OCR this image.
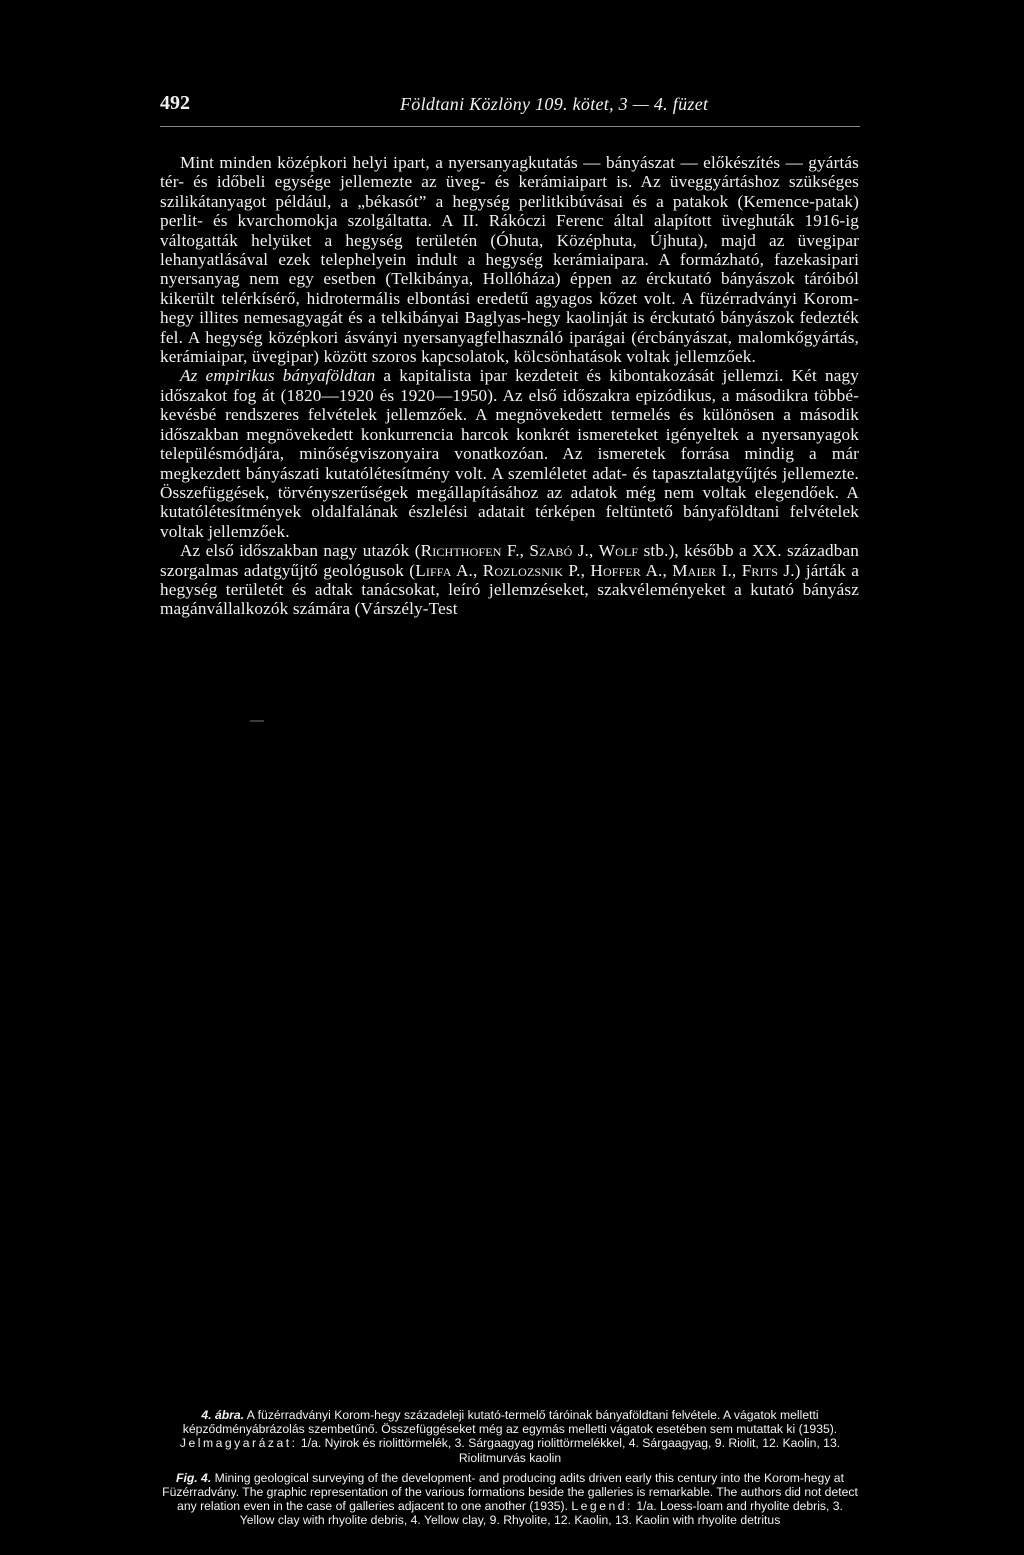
492	Földtani Közlöny 109. kötet, 3 — 4. füzet

Mint minden középkori helyi ipart, a nyersanyagkutatás — bányászat — előkészítés — gyártás tér- és időbeli egysége jellemezte az üveg- és kerámiaipart is. Az üveggyártáshoz szükséges szilikátanyagot például, a „békasót” a hegység perlitkibúvásai és a patakok (Kemence-patak) perlit- és kvarchomokja szolgáltatta. A II. Rákóczi Ferenc által alapított üveghuták 1916-ig váltogatták helyüket a hegység területén (Óhuta, Középhuta, Újhuta), majd az üvegipar lehanyatlásával ezek telephelyein indult a hegység kerámiaipara. A formázható, fazekasipari nyersanyag nem egy esetben (Telkibánya, Hollóháza) éppen az érckutató bányászok táróiból kikerült telérkísérő, hidrotermális elbontási eredetű agyagos kőzet volt. A füzérradványi Korom-hegy illites nemesagyagát és a telkibányai Baglyas-hegy kaolinját is érckutató bányászok fedezték fel. A hegység középkori ásványi nyersanyagfelhasználó iparágai (ércbányászat, malomkőgyártás, kerámiaipar, üvegipar) között szoros kapcsolatok, kölcsönhatások voltak jellemzőek.

Az empirikus bányaföldtan a kapitalista ipar kezdeteit és kibontakozását jellemzi. Két nagy időszakot fog át (1820—1920 és 1920—1950). Az első időszakra epizódikus, a másodikra többé-kevésbé rendszeres felvételek jellemzőek. A megnövekedett termelés és különösen a második időszakban megnövekedett konkurrencia harcok konkrét ismereteket igényeltek a nyersanyagok településmódjára, minőségviszonyaira vonatkozóan. Az ismeretek forrása mindig a már megkezdett bányászati kutatólétesítmény volt. A szemléletet adat- és tapasztalatgyűjtés jellemezte. Összefüggések, törvényszerűségek megállapításához az adatok még nem voltak elegendőek. A kutatólétesítmények oldalfalának észlelési adatait térképen feltüntető bányaföldtani felvételek voltak jellemzőek.

Az első időszakban nagy utazók (Richthofen F., Szabó J., Wolf stb.), később a XX. században szorgalmas adatgyűjtő geológusok (Liffa A., Rozlozsnik P., Hoffer A., Maier I., Frits J.) járták a hegység területét és adtak tanácsokat, leíró jellemzéseket, szakvéleményeket a kutató bányász magánvállalkozók számára (Várszély-Test

4. ábra. A füzérradványi Korom-hegy századeleji kutató-termelő táróinak bányaföldtani felvétele. A vágatok melletti képződményábrázolás szembetűnő. Összefüggéseket még az egymás melletti vágatok esetében sem mutattak ki (1935). Jelmagyarázat: 1/a. Nyirok és riolittörmelék, 3. Sárgaagyag riolittörmelékkel, 4. Sárgaagyag, 9. Riolit, 12. Kaolin, 13. Riolitmurvás kaolin

Fig. 4. Mining geological surveying of the development- and producing adits driven early this century into the Korom-hegy at Füzérradvány. The graphic representation of the various formations beside the galleries is remarkable. The authors did not detect any relation even in the case of galleries adjacent to one another (1935). Legend: 1/a. Loess-loam and rhyolite debris, 3. Yellow clay with rhyolite debris, 4. Yellow clay, 9. Rhyolite, 12. Kaolin, 13. Kaolin with rhyolite detritus
